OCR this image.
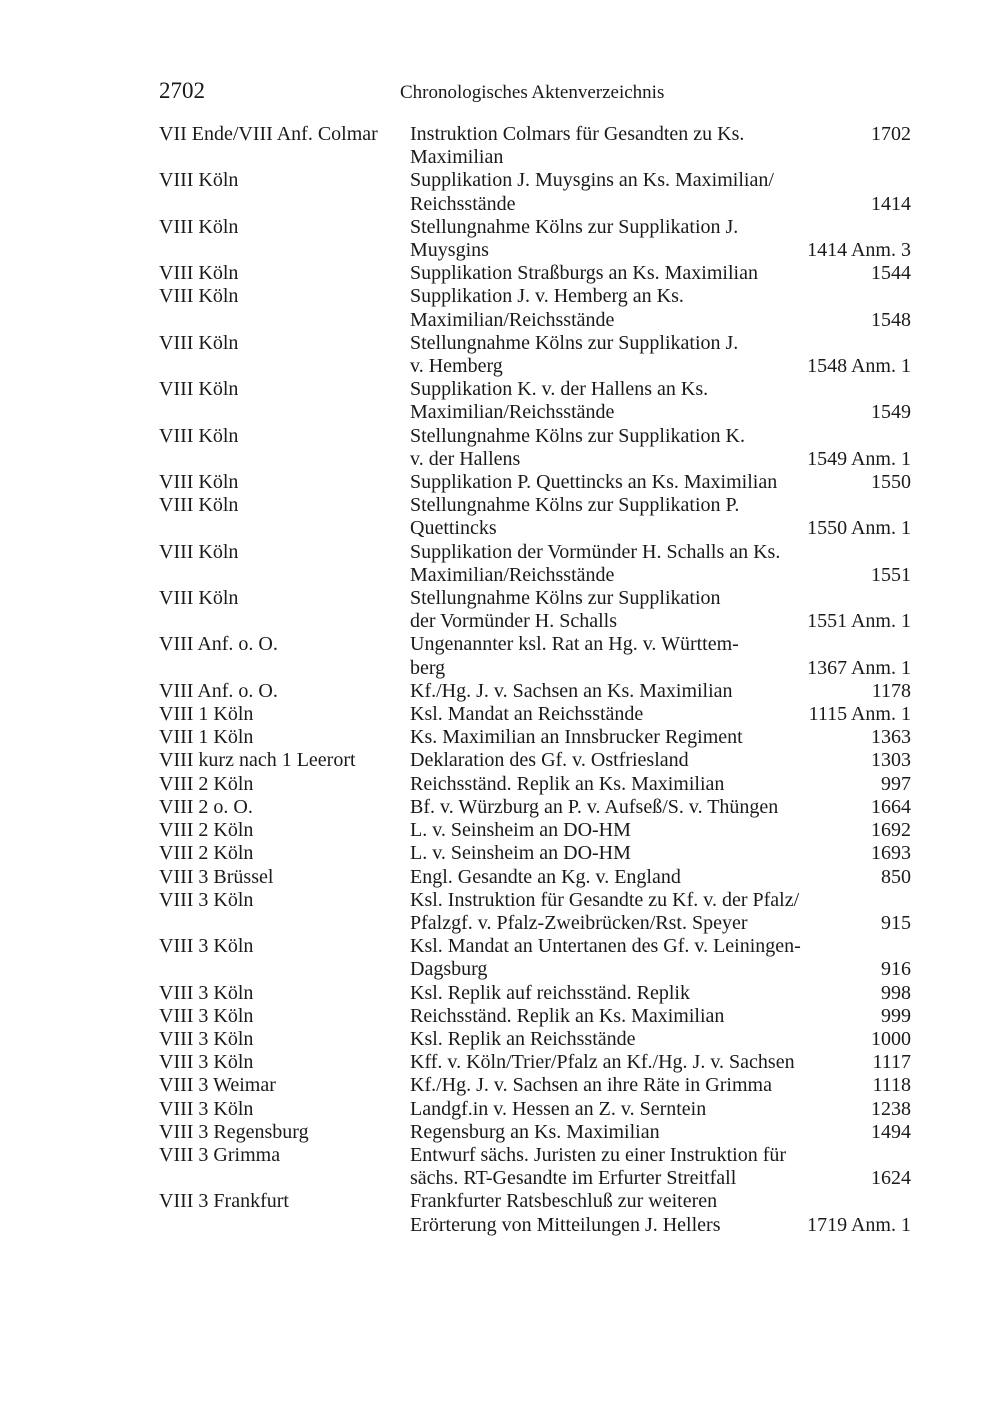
2702	Chronologisches Aktenverzeichnis
VII Ende/VIII Anf. Colmar	Instruktion Colmars für Gesandten zu Ks.	1702
Maximilian
VIII Köln	Supplikation J. Muysgins an Ks. Maximilian/
Reichsstände	1414
VIII Köln	Stellungnahme Kölns zur Supplikation J.
Muysgins	1414 Anm. 3
VIII Köln	Supplikation Straßburgs an Ks. Maximilian	1544
VIII Köln	Supplikation J. v. Hemberg an Ks.
Maximilian/Reichsstände	1548
VIII Köln	Stellungnahme Kölns zur Supplikation J.
v. Hemberg	1548 Anm. 1
VIII Köln	Supplikation K. v. der Hallens an Ks.
Maximilian/Reichsstände	1549
VIII Köln	Stellungnahme Kölns zur Supplikation K.
v. der Hallens	1549 Anm. 1
VIII Köln	Supplikation P. Quettincks an Ks. Maximilian	1550
VIII Köln	Stellungnahme Kölns zur Supplikation P.
Quettincks	1550 Anm. 1
VIII Köln	Supplikation der Vormünder H. Schalls an Ks.
Maximilian/Reichsstände	1551
VIII Köln	Stellungnahme Kölns zur Supplikation
der Vormünder H. Schalls	1551 Anm. 1
VIII Anf. o. O.	Ungenannter ksl. Rat an Hg. v. Württem-
berg	1367 Anm. 1
VIII Anf. o. O.	Kf./Hg. J. v. Sachsen an Ks. Maximilian	1178
VIII 1 Köln	Ksl. Mandat an Reichsstände	1115 Anm. 1
VIII 1 Köln	Ks. Maximilian an Innsbrucker Regiment	1363
VIII kurz nach 1 Leerort	Deklaration des Gf. v. Ostfriesland	1303
VIII 2 Köln	Reichsständ. Replik an Ks. Maximilian	997
VIII 2 o. O.	Bf. v. Würzburg an P. v. Aufseß/S. v. Thüngen	1664
VIII 2 Köln	L. v. Seinsheim an DO-HM	1692
VIII 2 Köln	L. v. Seinsheim an DO-HM	1693
VIII 3 Brüssel	Engl. Gesandte an Kg. v. England	850
VIII 3 Köln	Ksl. Instruktion für Gesandte zu Kf. v. der Pfalz/
Pfalzgf. v. Pfalz-Zweibrücken/Rst. Speyer	915
VIII 3 Köln	Ksl. Mandat an Untertanen des Gf. v. Leiningen-
Dagsburg	916
VIII 3 Köln	Ksl. Replik auf reichsständ. Replik	998
VIII 3 Köln	Reichsständ. Replik an Ks. Maximilian	999
VIII 3 Köln	Ksl. Replik an Reichsstände	1000
VIII 3 Köln	Kff. v. Köln/Trier/Pfalz an Kf./Hg. J. v. Sachsen	1117
VIII 3 Weimar	Kf./Hg. J. v. Sachsen an ihre Räte in Grimma	1118
VIII 3 Köln	Landgf.in v. Hessen an Z. v. Serntein	1238
VIII 3 Regensburg	Regensburg an Ks. Maximilian	1494
VIII 3 Grimma	Entwurf sächs. Juristen zu einer Instruktion für
sächs. RT-Gesandte im Erfurter Streitfall	1624
VIII 3 Frankfurt	Frankfurter Ratsbeschluß zur weiteren
Erörterung von Mitteilungen J. Hellers	1719 Anm. 1
